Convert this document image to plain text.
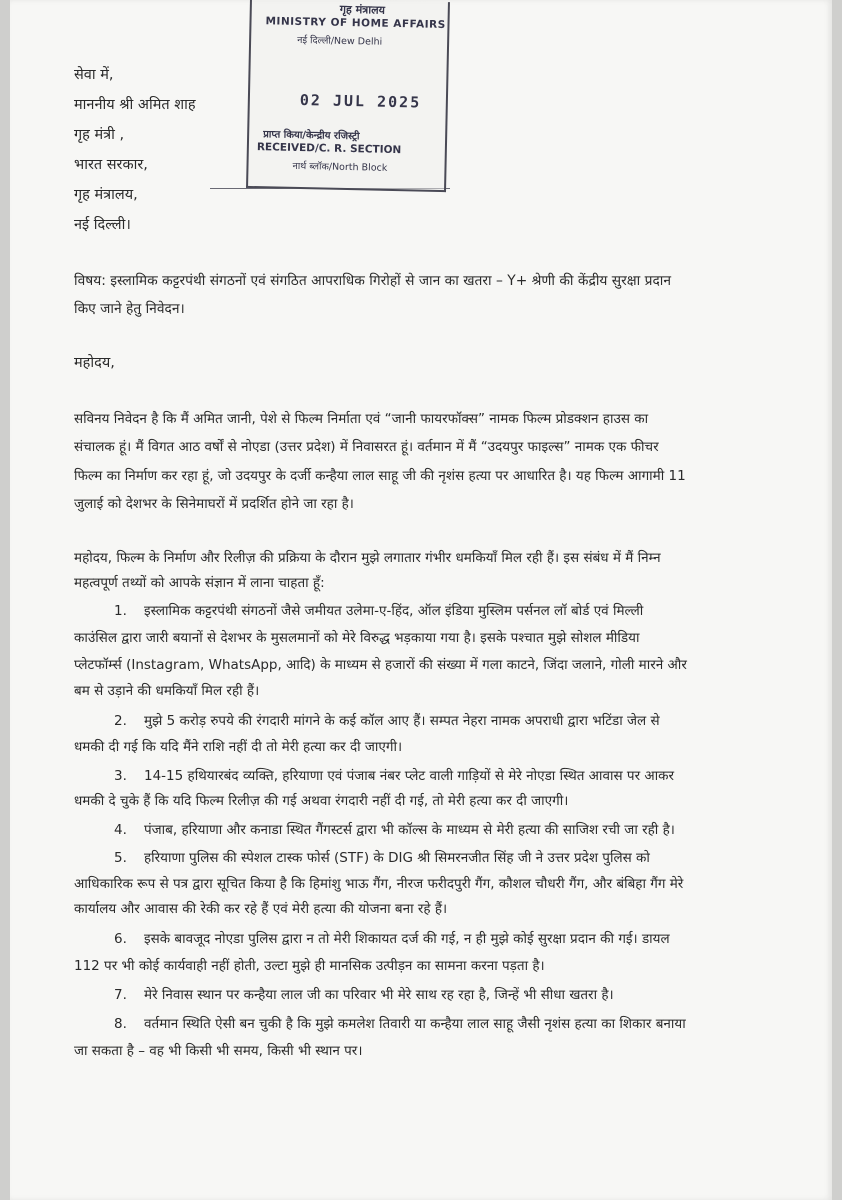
गृह मंत्रालय
MINISTRY OF HOME AFFAIRS
नई दिल्ली/New Delhi
02 JUL 2025
प्राप्त किया/केन्द्रीय रजिस्ट्री
RECEIVED/C. R. SECTION
नार्थ ब्लॉक/North Block
सेवा में,
माननीय श्री अमित शाह
गृह मंत्री ,
भारत सरकार,
गृह मंत्रालय,
नई दिल्ली।
विषय: इस्लामिक कट्टरपंथी संगठनों एवं संगठित आपराधिक गिरोहों से जान का खतरा – Y+ श्रेणी की केंद्रीय सुरक्षा प्रदान
किए जाने हेतु निवेदन।
महोदय,
सविनय निवेदन है कि मैं अमित जानी, पेशे से फिल्म निर्माता एवं “जानी फायरफॉक्स” नामक फिल्म प्रोडक्शन हाउस का
संचालक हूं। मैं विगत आठ वर्षों से नोएडा (उत्तर प्रदेश) में निवासरत हूं। वर्तमान में मैं “उदयपुर फाइल्स” नामक एक फीचर
फिल्म का निर्माण कर रहा हूं, जो उदयपुर के दर्जी कन्हैया लाल साहू जी की नृशंस हत्या पर आधारित है। यह फिल्म आगामी 11
जुलाई को देशभर के सिनेमाघरों में प्रदर्शित होने जा रहा है।
महोदय, फिल्म के निर्माण और रिलीज़ की प्रक्रिया के दौरान मुझे लगातार गंभीर धमकियाँ मिल रही हैं। इस संबंध में मैं निम्न
महत्वपूर्ण तथ्यों को आपके संज्ञान में लाना चाहता हूँ:
1. इस्लामिक कट्टरपंथी संगठनों जैसे जमीयत उलेमा-ए-हिंद, ऑल इंडिया मुस्लिम पर्सनल लॉ बोर्ड एवं मिल्ली
काउंसिल द्वारा जारी बयानों से देशभर के मुसलमानों को मेरे विरुद्ध भड़काया गया है। इसके पश्चात मुझे सोशल मीडिया
प्लेटफॉर्म्स (Instagram, WhatsApp, आदि) के माध्यम से हजारों की संख्या में गला काटने, जिंदा जलाने, गोली मारने और
बम से उड़ाने की धमकियाँ मिल रही हैं।
2. मुझे 5 करोड़ रुपये की रंगदारी मांगने के कई कॉल आए हैं। सम्पत नेहरा नामक अपराधी द्वारा भटिंडा जेल से
धमकी दी गई कि यदि मैंने राशि नहीं दी तो मेरी हत्या कर दी जाएगी।
3. 14-15 हथियारबंद व्यक्ति, हरियाणा एवं पंजाब नंबर प्लेट वाली गाड़ियों से मेरे नोएडा स्थित आवास पर आकर
धमकी दे चुके हैं कि यदि फिल्म रिलीज़ की गई अथवा रंगदारी नहीं दी गई, तो मेरी हत्या कर दी जाएगी।
4. पंजाब, हरियाणा और कनाडा स्थित गैंगस्टर्स द्वारा भी कॉल्स के माध्यम से मेरी हत्या की साजिश रची जा रही है।
5. हरियाणा पुलिस की स्पेशल टास्क फोर्स (STF) के DIG श्री सिमरनजीत सिंह जी ने उत्तर प्रदेश पुलिस को
आधिकारिक रूप से पत्र द्वारा सूचित किया है कि हिमांशु भाऊ गैंग, नीरज फरीदपुरी गैंग, कौशल चौधरी गैंग, और बंबिहा गैंग मेरे
कार्यालय और आवास की रेकी कर रहे हैं एवं मेरी हत्या की योजना बना रहे हैं।
6. इसके बावजूद नोएडा पुलिस द्वारा न तो मेरी शिकायत दर्ज की गई, न ही मुझे कोई सुरक्षा प्रदान की गई। डायल
112 पर भी कोई कार्यवाही नहीं होती, उल्टा मुझे ही मानसिक उत्पीड़न का सामना करना पड़ता है।
7. मेरे निवास स्थान पर कन्हैया लाल जी का परिवार भी मेरे साथ रह रहा है, जिन्हें भी सीधा खतरा है।
8. वर्तमान स्थिति ऐसी बन चुकी है कि मुझे कमलेश तिवारी या कन्हैया लाल साहू जैसी नृशंस हत्या का शिकार बनाया
जा सकता है – वह भी किसी भी समय, किसी भी स्थान पर।
